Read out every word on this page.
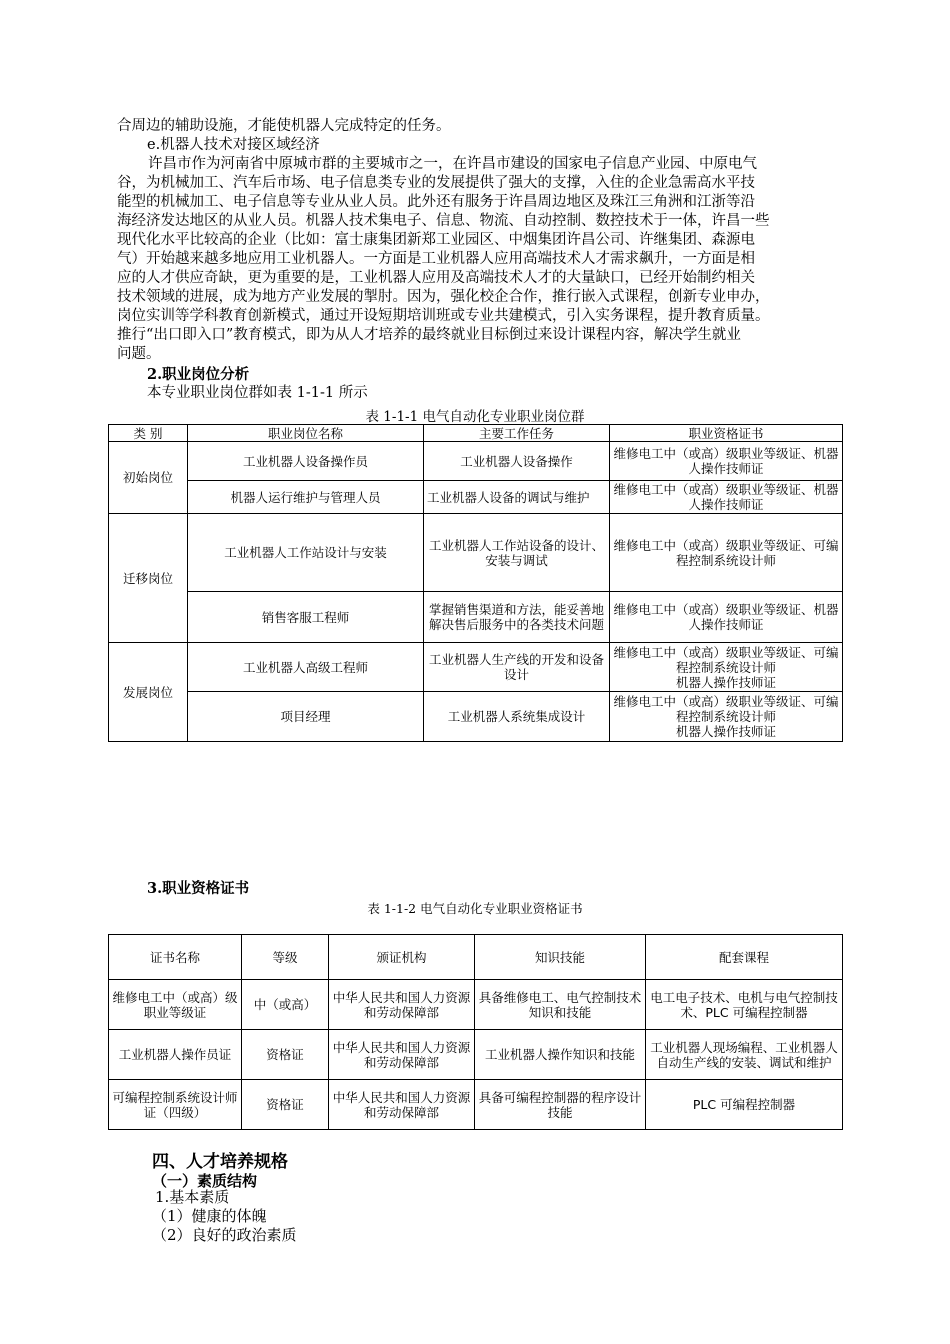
合周边的辅助设施，才能使机器人完成特定的任务。

e.机器人技术对接区域经济

许昌市作为河南省中原城市群的主要城市之一，在许昌市建设的国家电子信息产业园、中原电气
谷，为机械加工、汽车后市场、电子信息类专业的发展提供了强大的支撑，入住的企业急需高水平技
能型的机械加工、电子信息等专业从业人员。此外还有服务于许昌周边地区及珠江三角洲和江浙等沿
海经济发达地区的从业人员。机器人技术集电子、信息、物流、自动控制、数控技术于一体，许昌一些
现代化水平比较高的企业（比如：富士康集团新郑工业园区、中烟集团许昌公司、许继集团、森源电
气）开始越来越多地应用工业机器人。一方面是工业机器人应用高端技术人才需求飙升，一方面是相
应的人才供应奇缺，更为重要的是，工业机器人应用及高端技术人才的大量缺口，已经开始制约相关
技术领域的进展，成为地方产业发展的掣肘。因为，强化校企合作，推行嵌入式课程，创新专业申办，
岗位实训等学科教育创新模式，通过开设短期培训班或专业共建模式，引入实务课程，提升教育质量。
推行“出口即入口”教育模式，即为从人才培养的最终就业目标倒过来设计课程内容，解决学生就业
问题。

2.职业岗位分析

本专业职业岗位群如表 1-1-1 所示

表 1-1-1 电气自动化专业职业岗位群
类 别	职业岗位名称	主要工作任务	职业资格证书
初始岗位	工业机器人设备操作员	工业机器人设备操作	维修电工中（或高）级职业等级证、机器人操作技师证
	机器人运行维护与管理人员	工业机器人设备的调试与维护	维修电工中（或高）级职业等级证、机器人操作技师证
迁移岗位	工业机器人工作站设计与安装	工业机器人工作站设备的设计、安装与调试	维修电工中（或高）级职业等级证、可编程控制系统设计师
	销售客服工程师	掌握销售渠道和方法，能妥善地解决售后服务中的各类技术问题	维修电工中（或高）级职业等级证、机器人操作技师证
发展岗位	工业机器人高级工程师	工业机器人生产线的开发和设备设计	维修电工中（或高）级职业等级证、可编程控制系统设计师
机器人操作技师证
	项目经理	工业机器人系统集成设计	维修电工中（或高）级职业等级证、可编程控制系统设计师
机器人操作技师证

3.职业资格证书

表 1-1-2 电气自动化专业职业资格证书
证书名称	等级	颁证机构	知识技能	配套课程
维修电工中（或高）级职业等级证	中（或高）	中华人民共和国人力资源和劳动保障部	具备维修电工、电气控制技术知识和技能	电工电子技术、电机与电气控制技术、PLC 可编程控制器
工业机器人操作员证	资格证	中华人民共和国人力资源和劳动保障部	工业机器人操作知识和技能	工业机器人现场编程、工业机器人自动生产线的安装、调试和维护
可编程控制系统设计师证（四级）	资格证	中华人民共和国人力资源和劳动保障部	具备可编程控制器的程序设计技能	PLC 可编程控制器
四、人才培养规格
（一）素质结构

1.基本素质

（1）健康的体魄

（2）良好的政治素质
